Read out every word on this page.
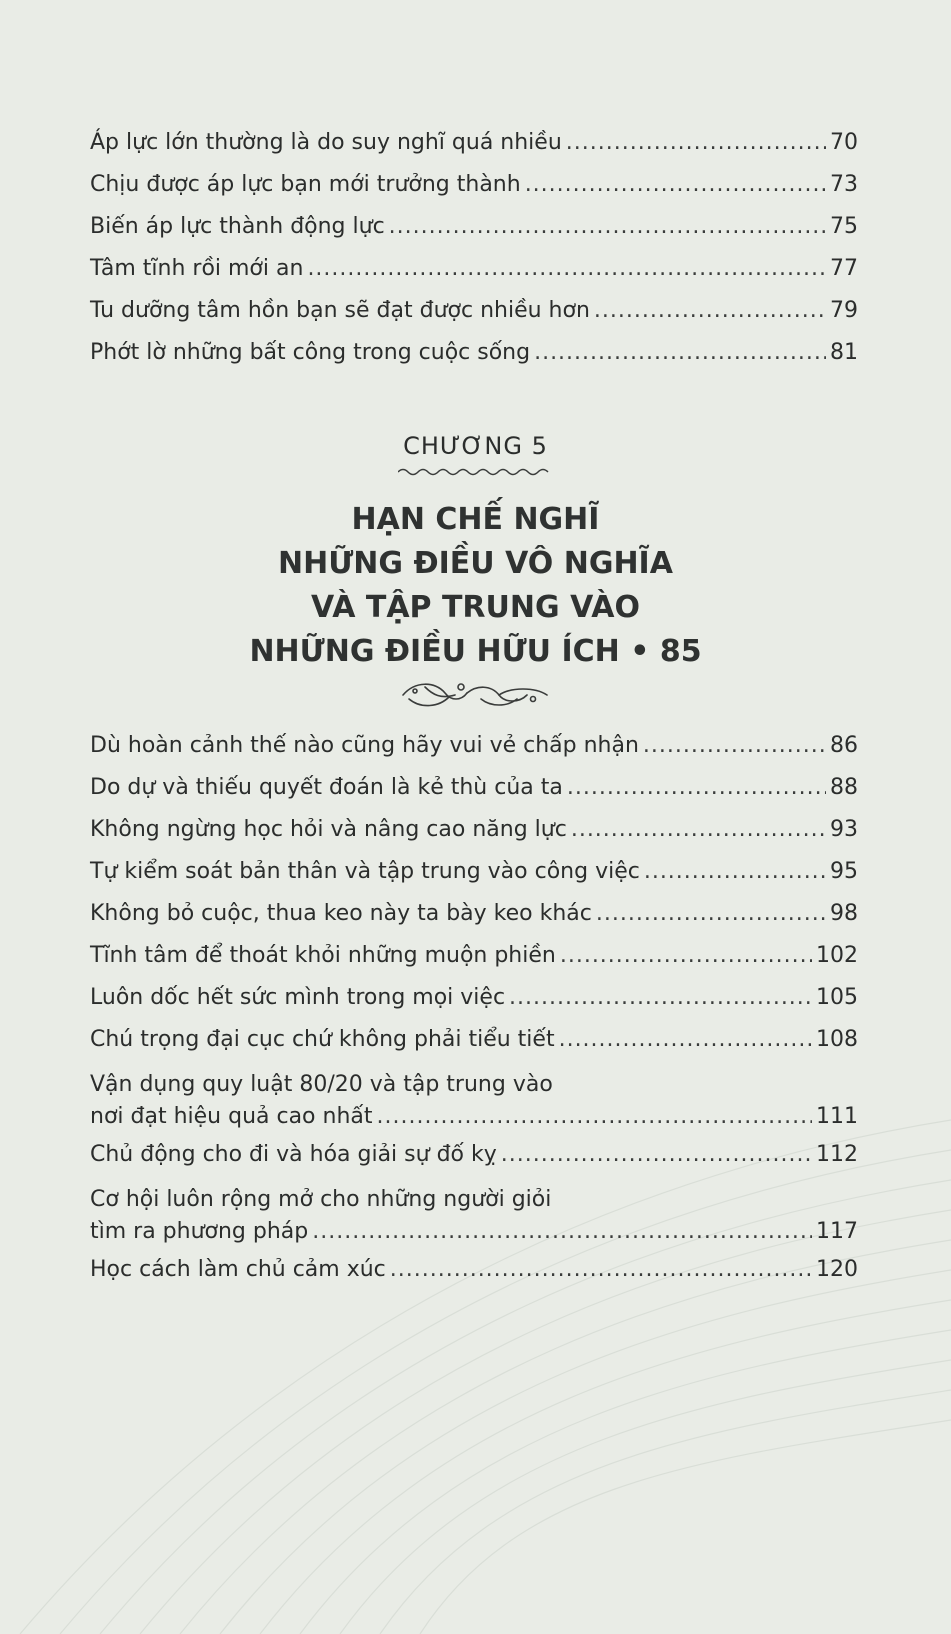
Áp lực lớn thường là do suy nghĩ quá nhiều .....	70
Chịu được áp lực bạn mới trưởng thành .....	73
Biến áp lực thành động lực .....	75
Tâm tĩnh rồi mới an .....	77
Tu dưỡng tâm hồn bạn sẽ đạt được nhiều hơn .....	79
Phớt lờ những bất công trong cuộc sống .....	81
CHƯƠNG 5
HẠN CHẾ NGHĨ
NHỮNG ĐIỀU VÔ NGHĨA
VÀ TẬP TRUNG VÀO
NHỮNG ĐIỀU HỮU ÍCH • 85
Dù hoàn cảnh thế nào cũng hãy vui vẻ chấp nhận .....	86
Do dự và thiếu quyết đoán là kẻ thù của ta .....	88
Không ngừng học hỏi và nâng cao năng lực .....	93
Tự kiểm soát bản thân và tập trung vào công việc .....	95
Không bỏ cuộc, thua keo này ta bày keo khác .....	98
Tĩnh tâm để thoát khỏi những muộn phiền .....	102
Luôn dốc hết sức mình trong mọi việc .....	105
Chú trọng đại cục chứ không phải tiểu tiết .....	108
Vận dụng quy luật 80/20 và tập trung vào
nơi đạt hiệu quả cao nhất .....	111
Chủ động cho đi và hóa giải sự đố kỵ .....	112
Cơ hội luôn rộng mở cho những người giỏi
tìm ra phương pháp .....	117
Học cách làm chủ cảm xúc .....	120
